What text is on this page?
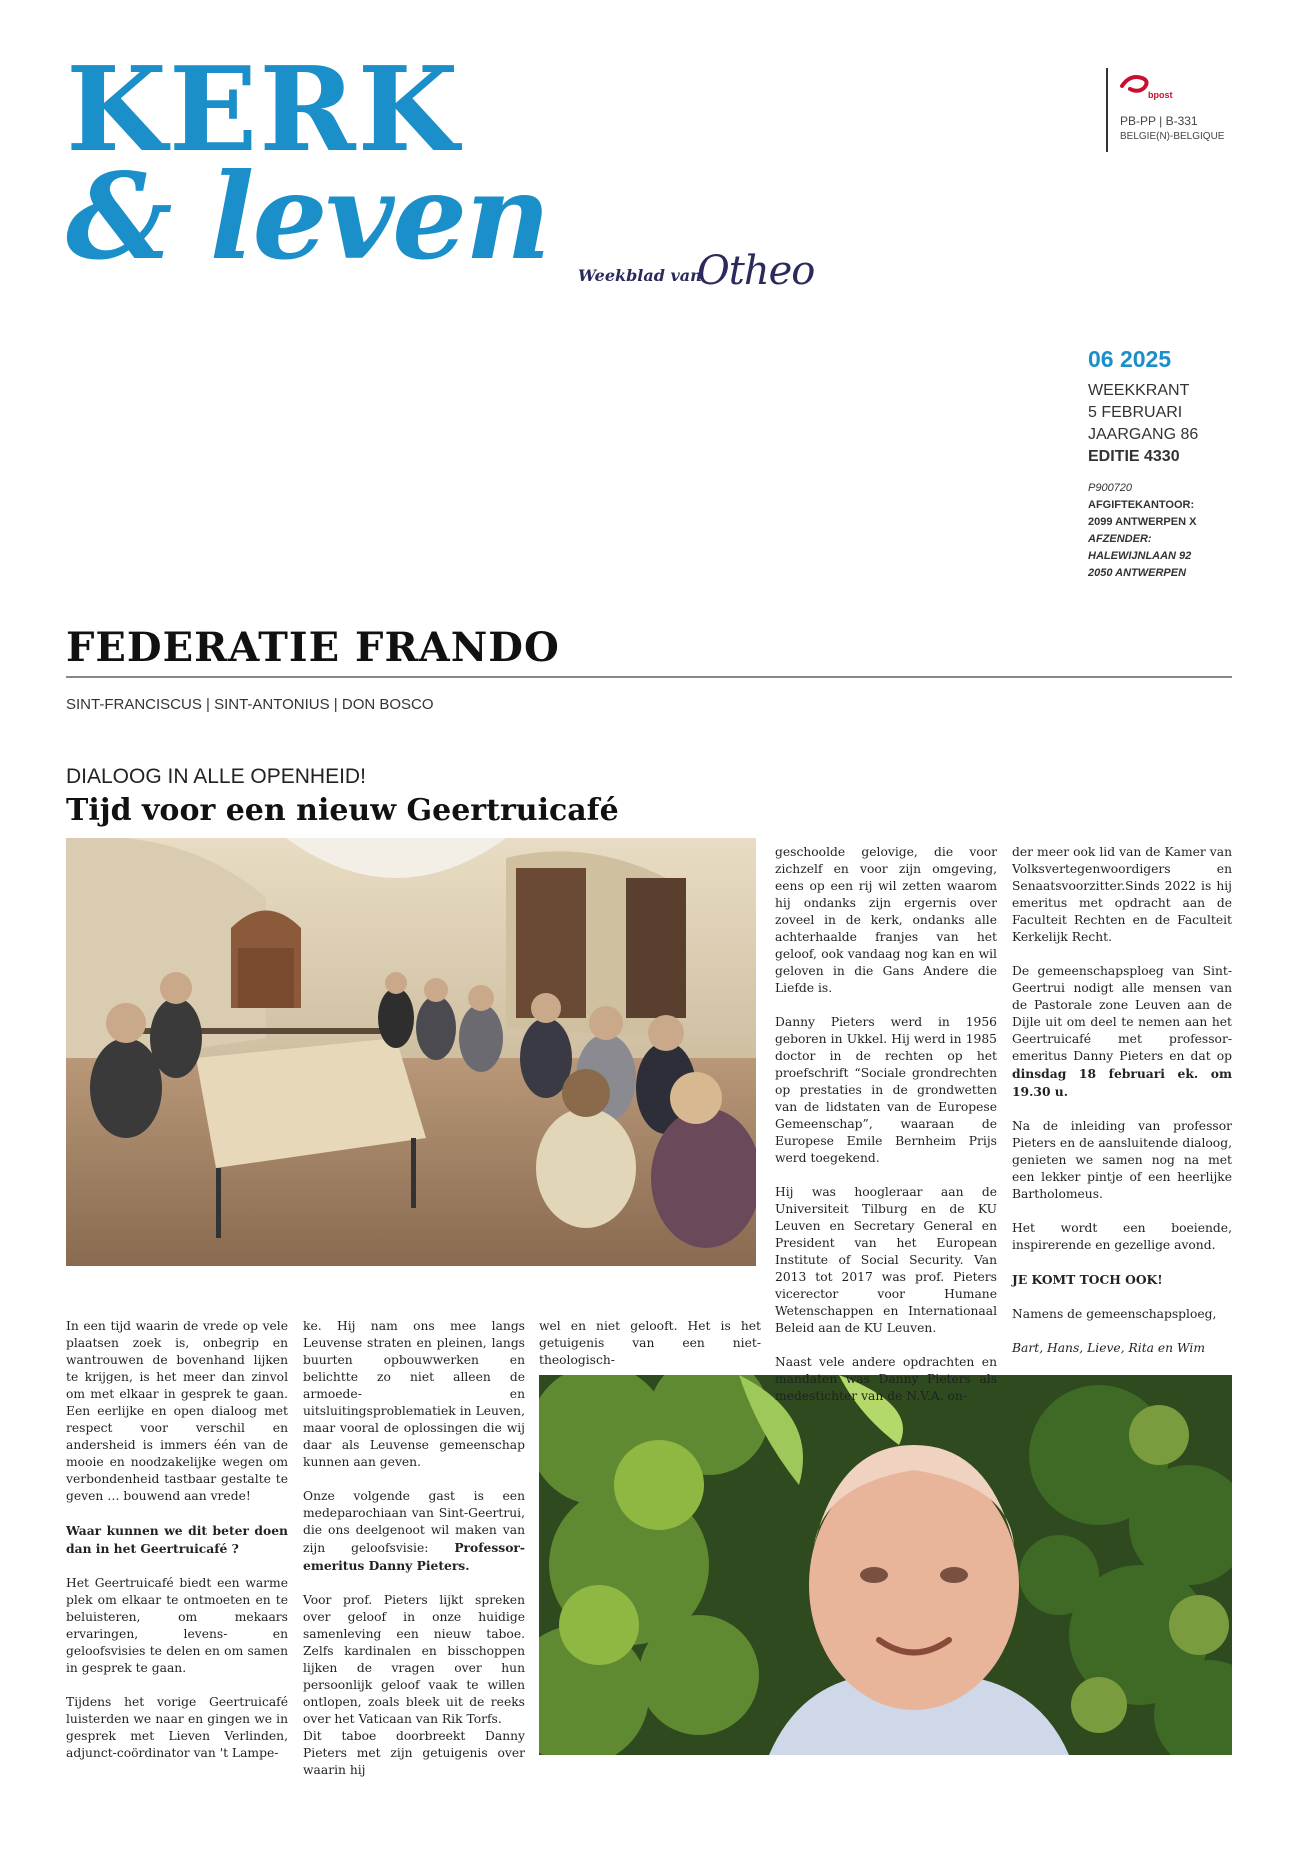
KERK
& leven Weekblad van
Otheo
bpost
PB-PP | B-331
BELGIE(N)-BELGIQUE
06 2025
WEEKKRANT
5 FEBRUARI
JAARGANG 86
EDITIE 4330
P900720
AFGIFTEKANTOOR:
2099 ANTWERPEN X
AFZENDER:
HALEWIJNLAAN 92
2050 ANTWERPEN
FEDERATIE FRANDO
SINT-FRANCISCUS | SINT-ANTONIUS | DON BOSCO
DIALOOG IN ALLE OPENHEID!
Tijd voor een nieuw Geertruicafé

In een tijd waarin de vrede op vele plaatsen zoek is, onbegrip en wantrouwen de bovenhand lijken te krijgen, is het meer dan zinvol om met elkaar in gesprek te gaan. Een eerlijke en open dialoog met respect voor verschil en andersheid is immers één van de mooie en noodzakelijke wegen om verbondenheid tastbaar gestalte te geven … bouwend aan vrede!

Waar kunnen we dit beter doen dan in het Geertruicafé ?

Het Geertruicafé biedt een warme plek om elkaar te ontmoeten en te beluisteren, om mekaars ervaringen, levens- en geloofsvisies te delen en om samen in gesprek te gaan.

Tijdens het vorige Geertruicafé luisterden we naar en gingen we in gesprek met Lieven Verlinden, adjunct-coördinator van 't Lampe-

ke. Hij nam ons mee langs Leuvense straten en pleinen, langs buurten opbouwwerken en belichtte zo niet alleen de armoede- en uitsluitingsproblematiek in Leuven, maar vooral de oplossingen die wij daar als Leuvense gemeenschap kunnen aan geven.

Onze volgende gast is een medeparochiaan van Sint-Geertrui, die ons deelgenoot wil maken van zijn geloofsvisie: Professor-emeritus Danny Pieters.

Voor prof. Pieters lijkt spreken over geloof in onze huidige samenleving een nieuw taboe. Zelfs kardinalen en bisschoppen lijken de vragen over hun persoonlijk geloof vaak te willen ontlopen, zoals bleek uit de reeks over het Vaticaan van Rik Torfs.

Dit taboe doorbreekt Danny Pieters met zijn getuigenis over waarin hij

wel en niet gelooft. Het is het getuigenis van een niet-theologisch-

geschoolde gelovige, die voor zichzelf en voor zijn omgeving, eens op een rij wil zetten waarom hij ondanks zijn ergernis over zoveel in de kerk, ondanks alle achterhaalde franjes van het geloof, ook vandaag nog kan en wil geloven in die Gans Andere die Liefde is.

Danny Pieters werd in 1956 geboren in Ukkel. Hij werd in 1985 doctor in de rechten op het proefschrift “Sociale grondrechten op prestaties in de grondwetten van de lidstaten van de Europese Gemeenschap”, waaraan de Europese Emile Bernheim Prijs werd toegekend.

Hij was hoogleraar aan de Universiteit Tilburg en de KU Leuven en Secretary General en President van het European Institute of Social Security. Van 2013 tot 2017 was prof. Pieters vicerector voor Humane Wetenschappen en Internationaal Beleid aan de KU Leuven.

Naast vele andere opdrachten en mandaten was Danny Pieters als medestichter van de N.V.A. on-

der meer ook lid van de Kamer van Volksvertegenwoordigers en Senaatsvoorzitter.Sinds 2022 is hij emeritus met opdracht aan de Faculteit Rechten en de Faculteit Kerkelijk Recht.

De gemeenschapsploeg van Sint-Geertrui nodigt alle mensen van de Pastorale zone Leuven aan de Dijle uit om deel te nemen aan het Geertruicafé met professor-emeritus Danny Pieters en dat op dinsdag 18 februari ek. om 19.30 u.

Na de inleiding van professor Pieters en de aansluitende dialoog, genieten we samen nog na met een lekker pintje of een heerlijke Bartholomeus.

Het wordt een boeiende, inspirerende en gezellige avond.

JE KOMT TOCH OOK!

Namens de gemeenschapsploeg,

Bart, Hans, Lieve, Rita en Wim
